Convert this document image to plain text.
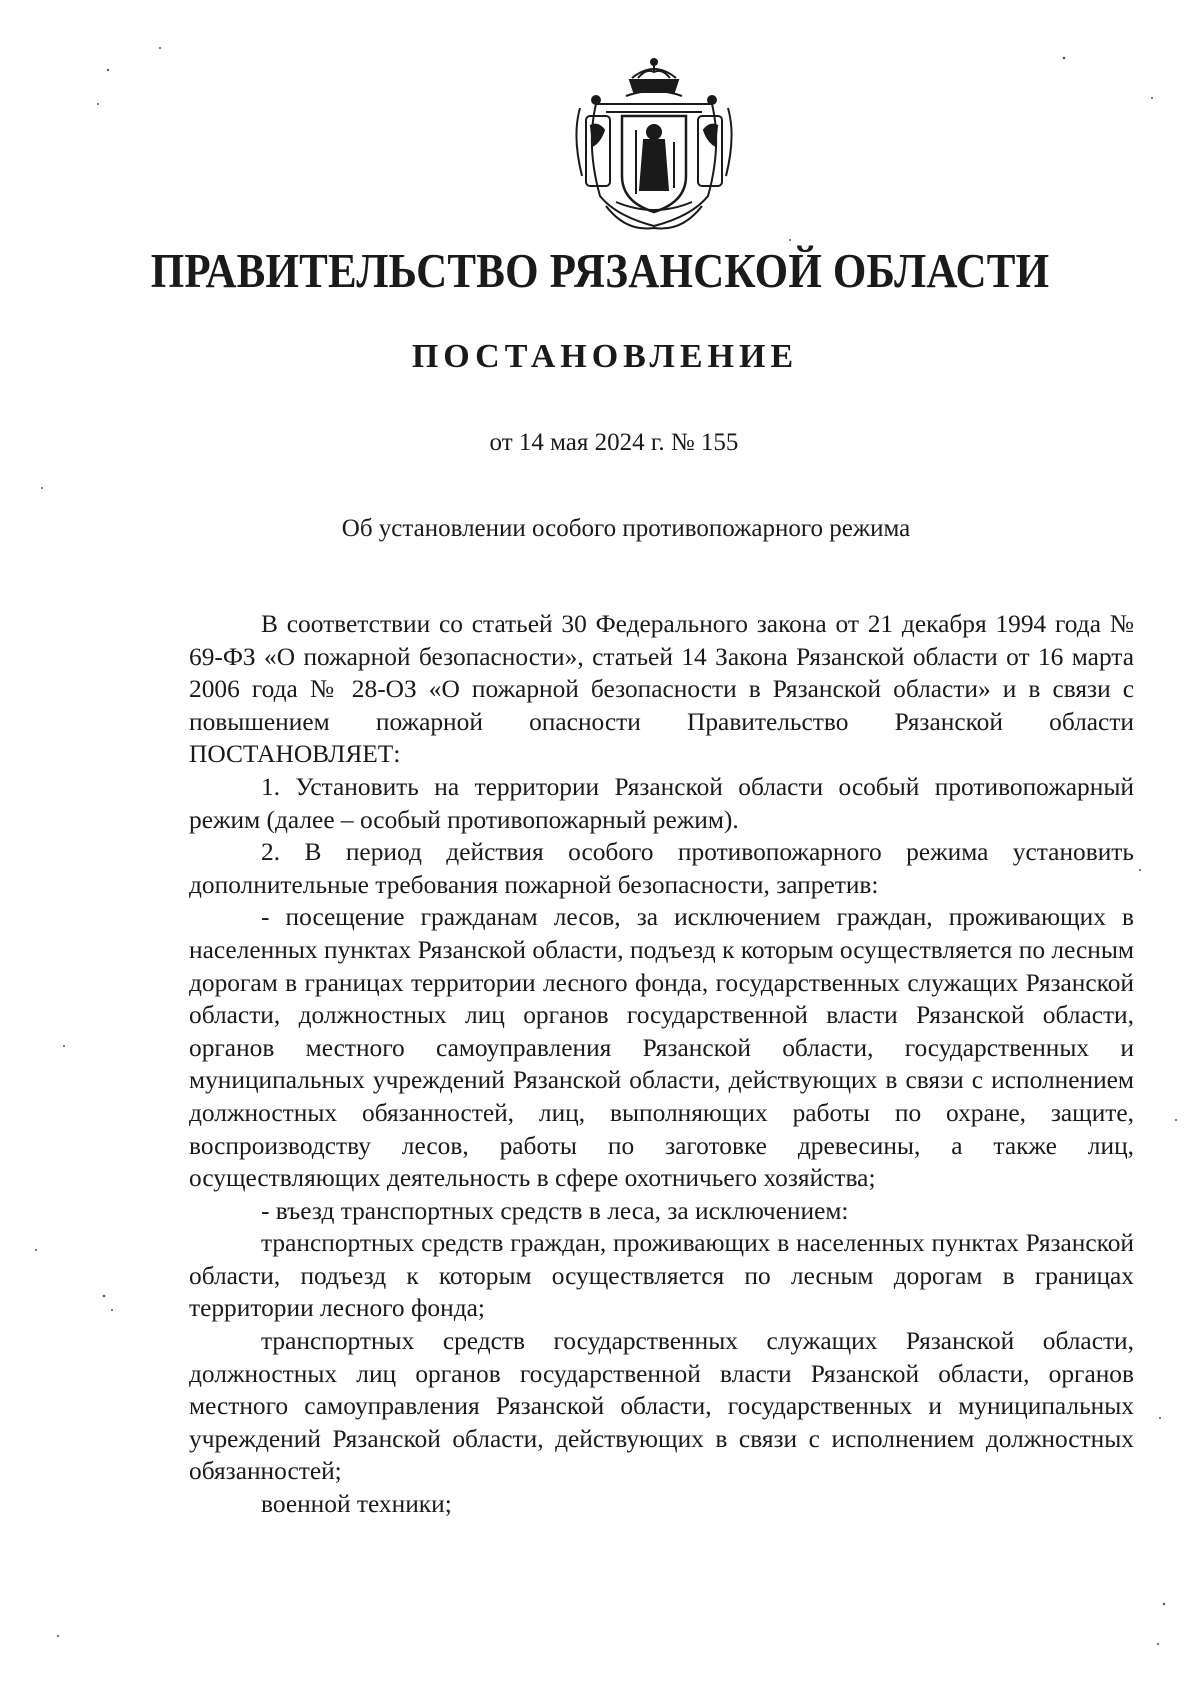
ПРАВИТЕЛЬСТВО РЯЗАНСКОЙ ОБЛАСТИ
ПОСТАНОВЛЕНИЕ
от 14 мая 2024 г. № 155
Об установлении особого противопожарного режима

В соответствии со статьей 30 Федерального закона от 21 декабря 1994 года № 69-ФЗ «О пожарной безопасности», статьей 14 Закона Рязанской области от 16 марта 2006 года № 28-ОЗ «О пожарной безопасности в Рязанской области» и в связи с повышением пожарной опасности Правительство Рязанской области ПОСТАНОВЛЯЕТ:

1. Установить на территории Рязанской области особый противопожарный режим (далее – особый противопожарный режим).

2. В период действия особого противопожарного режима установить дополнительные требования пожарной безопасности, запретив:

- посещение гражданам лесов, за исключением граждан, проживающих в населенных пунктах Рязанской области, подъезд к которым осуществляется по лесным дорогам в границах территории лесного фонда, государственных служащих Рязанской области, должностных лиц органов государственной власти Рязанской области, органов местного самоуправления Рязанской области, государственных и муниципальных учреждений Рязанской области, действующих в связи с исполнением должностных обязанностей, лиц, выполняющих работы по охране, защите, воспроизводству лесов, работы по заготовке древесины, а также лиц, осуществляющих деятельность в сфере охотничьего хозяйства;

- въезд транспортных средств в леса, за исключением:

транспортных средств граждан, проживающих в населенных пунктах Рязанской области, подъезд к которым осуществляется по лесным дорогам в границах территории лесного фонда;

транспортных средств государственных служащих Рязанской области, должностных лиц органов государственной власти Рязанской области, органов местного самоуправления Рязанской области, государственных и муниципальных учреждений Рязанской области, действующих в связи с исполнением должностных обязанностей;

военной техники;
